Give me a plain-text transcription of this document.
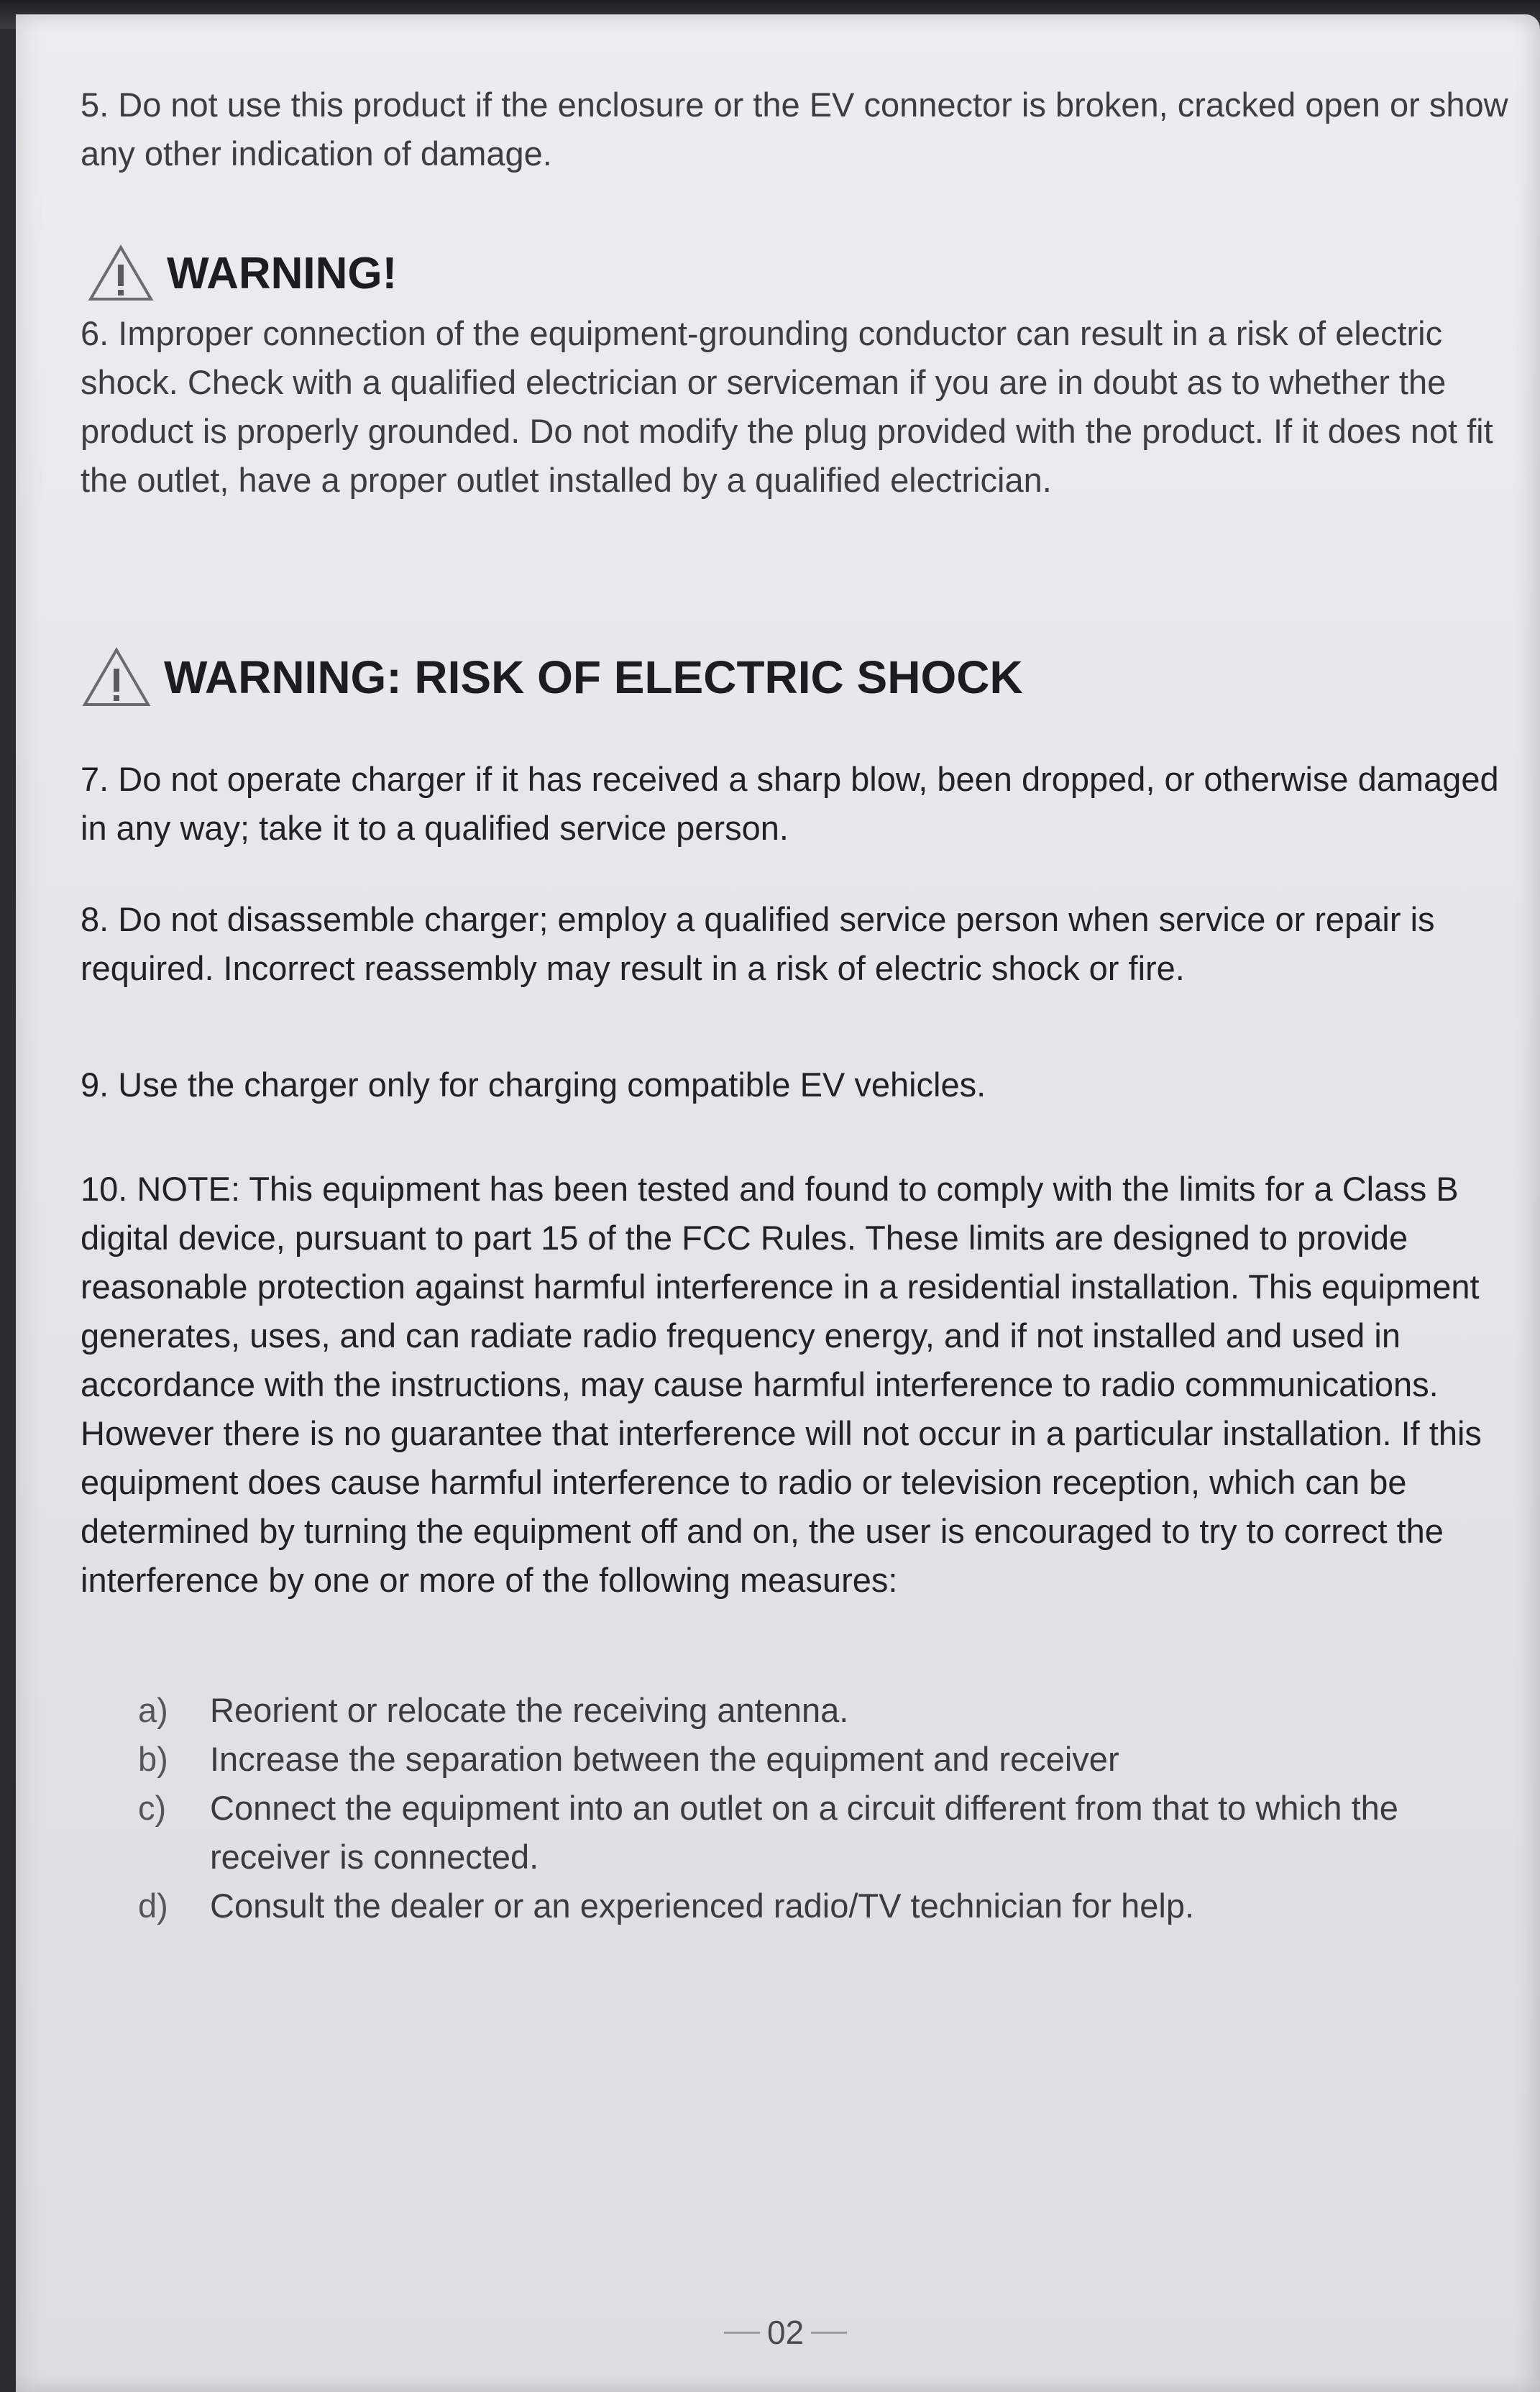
5. Do not use this product if the enclosure or the EV connector is broken, cracked open or show any other indication of damage.

WARNING!

6. Improper connection of the equipment-grounding conductor can result in a risk of electric shock. Check with a qualified electrician or serviceman if you are in doubt as to whether the product is properly grounded. Do not modify the plug provided with the product. If it does not fit the outlet, have a proper outlet installed by a qualified electrician.

WARNING: RISK OF ELECTRIC SHOCK

7. Do not operate charger if it has received a sharp blow, been dropped, or otherwise damaged in any way; take it to a qualified service person.

8. Do not disassemble charger; employ a qualified service person when service or repair is required. Incorrect reassembly may result in a risk of electric shock or fire.

9. Use the charger only for charging compatible EV vehicles.

10. NOTE: This equipment has been tested and found to comply with the limits for a Class B digital device, pursuant to part 15 of the FCC Rules. These limits are designed to provide reasonable protection against harmful interference in a residential installation. This equipment generates, uses, and can radiate radio frequency energy, and if not installed and used in accordance with the instructions, may cause harmful interference to radio communications. However there is no guarantee that interference will not occur in a particular installation. If this equipment does cause harmful interference to radio or television reception, which can be determined by turning the equipment off and on, the user is encouraged to try to correct the interference by one or more of the following measures:

a)	Reorient or relocate the receiving antenna.
b)	Increase the separation between the equipment and receiver
c)	Connect the equipment into an outlet on a circuit different from that to which the receiver is connected.
d)	Consult the dealer or an experienced radio/TV technician for help.
02
